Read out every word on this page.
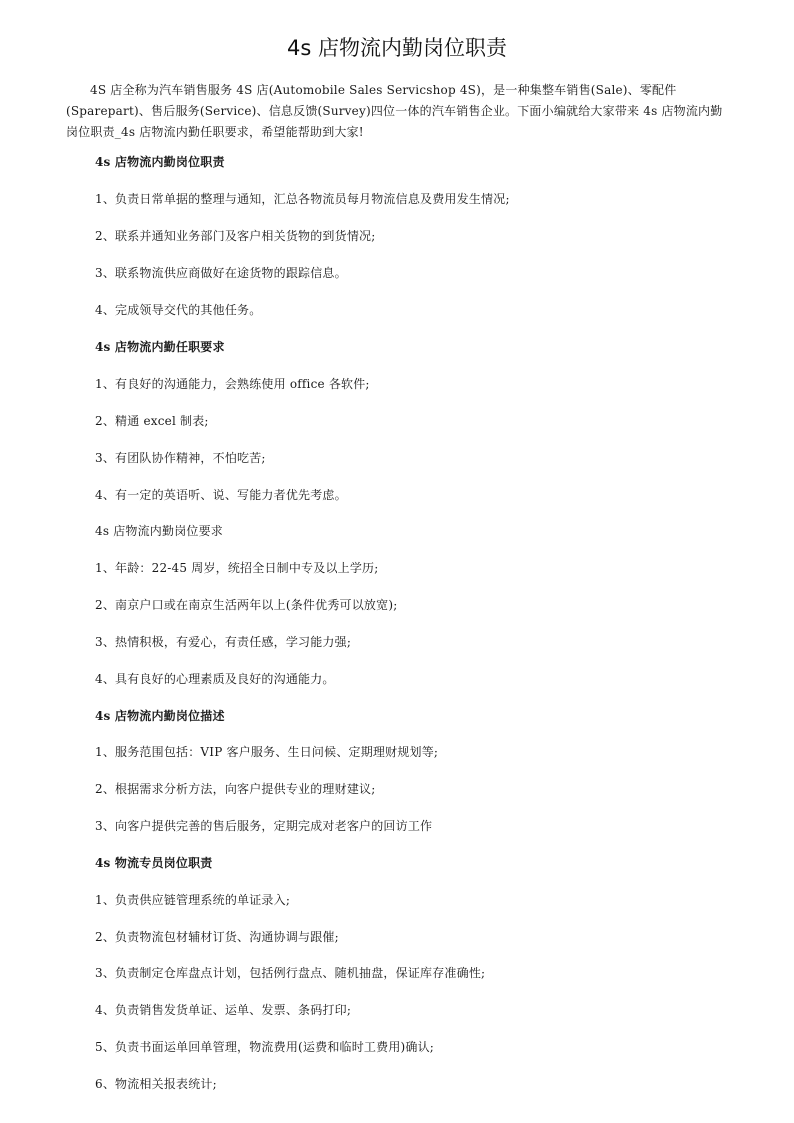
4s 店物流内勤岗位职责

4S 店全称为汽车销售服务 4S 店(Automobile Sales Servicshop 4S)，是一种集整车销售(Sale)、零配件(Sparepart)、售后服务(Service)、信息反馈(Survey)四位一体的汽车销售企业。下面小编就给大家带来 4s 店物流内勤岗位职责_4s 店物流内勤任职要求，希望能帮助到大家!

4s 店物流内勤岗位职责

1、负责日常单据的整理与通知，汇总各物流员每月物流信息及费用发生情况;

2、联系并通知业务部门及客户相关货物的到货情况;

3、联系物流供应商做好在途货物的跟踪信息。

4、完成领导交代的其他任务。

4s 店物流内勤任职要求

1、有良好的沟通能力，会熟练使用 office 各软件;

2、精通 excel 制表;

3、有团队协作精神，不怕吃苦;

4、有一定的英语听、说、写能力者优先考虑。

4s 店物流内勤岗位要求

1、年龄：22-45 周岁，统招全日制中专及以上学历;

2、南京户口或在南京生活两年以上(条件优秀可以放宽);

3、热情积极，有爱心，有责任感，学习能力强;

4、具有良好的心理素质及良好的沟通能力。

4s 店物流内勤岗位描述

1、服务范围包括：VIP 客户服务、生日问候、定期理财规划等;

2、根据需求分析方法，向客户提供专业的理财建议;

3、向客户提供完善的售后服务，定期完成对老客户的回访工作

4s 物流专员岗位职责

1、负责供应链管理系统的单证录入;

2、负责物流包材辅材订货、沟通协调与跟催;

3、负责制定仓库盘点计划，包括例行盘点、随机抽盘，保证库存准确性;

4、负责销售发货单证、运单、发票、条码打印;

5、负责书面运单回单管理，物流费用(运费和临时工费用)确认;

6、物流相关报表统计;
